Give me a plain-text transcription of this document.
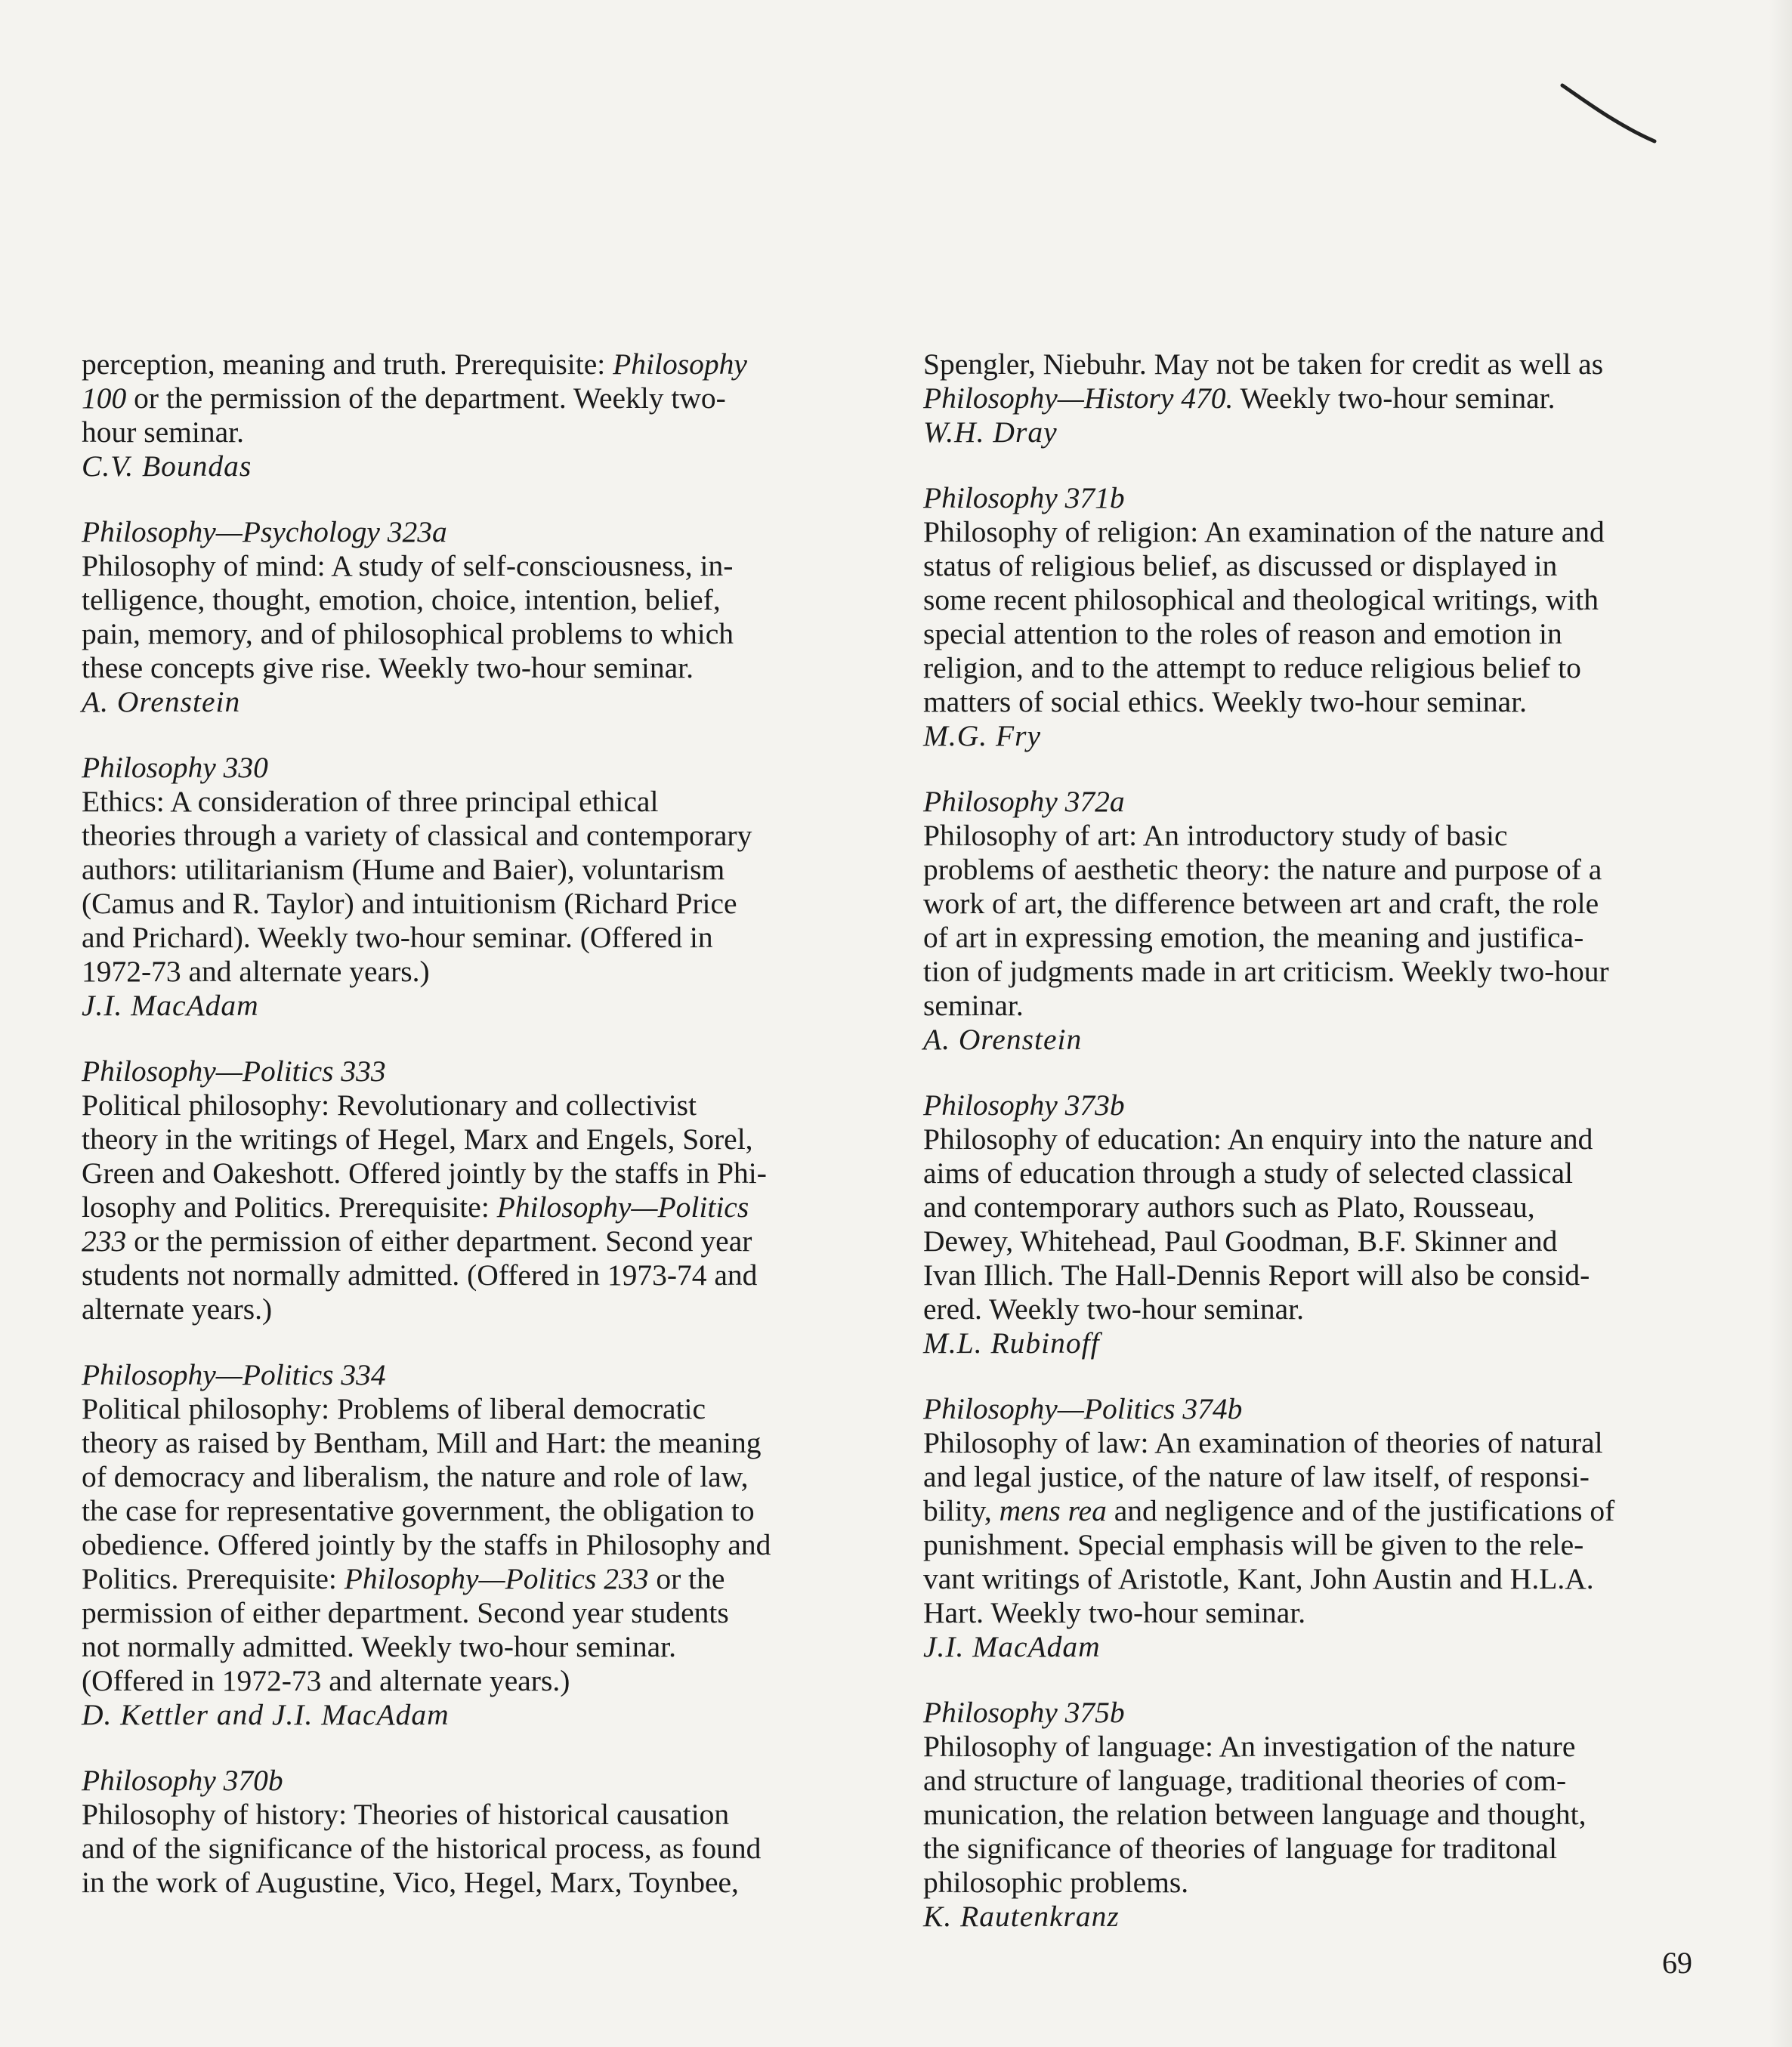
perception, meaning and truth. Prerequisite: Philosophy
100 or the permission of the department. Weekly two-
hour seminar.
C.V. Boundas
Philosophy—Psychology 323a
Philosophy of mind: A study of self-consciousness, in-
telligence, thought, emotion, choice, intention, belief,
pain, memory, and of philosophical problems to which
these concepts give rise. Weekly two-hour seminar.
A. Orenstein
Philosophy 330
Ethics: A consideration of three principal ethical
theories through a variety of classical and contemporary
authors: utilitarianism (Hume and Baier), voluntarism
(Camus and R. Taylor) and intuitionism (Richard Price
and Prichard). Weekly two-hour seminar. (Offered in
1972-73 and alternate years.)
J.I. MacAdam
Philosophy—Politics 333
Political philosophy: Revolutionary and collectivist
theory in the writings of Hegel, Marx and Engels, Sorel,
Green and Oakeshott. Offered jointly by the staffs in Phi-
losophy and Politics. Prerequisite: Philosophy—Politics
233 or the permission of either department. Second year
students not normally admitted. (Offered in 1973-74 and
alternate years.)
Philosophy—Politics 334
Political philosophy: Problems of liberal democratic
theory as raised by Bentham, Mill and Hart: the meaning
of democracy and liberalism, the nature and role of law,
the case for representative government, the obligation to
obedience. Offered jointly by the staffs in Philosophy and
Politics. Prerequisite: Philosophy—Politics 233 or the
permission of either department. Second year students
not normally admitted. Weekly two-hour seminar.
(Offered in 1972-73 and alternate years.)
D. Kettler and J.I. MacAdam
Philosophy 370b
Philosophy of history: Theories of historical causation
and of the significance of the historical process, as found
in the work of Augustine, Vico, Hegel, Marx, Toynbee,
Spengler, Niebuhr. May not be taken for credit as well as
Philosophy—History 470. Weekly two-hour seminar.
W.H. Dray
Philosophy 371b
Philosophy of religion: An examination of the nature and
status of religious belief, as discussed or displayed in
some recent philosophical and theological writings, with
special attention to the roles of reason and emotion in
religion, and to the attempt to reduce religious belief to
matters of social ethics. Weekly two-hour seminar.
M.G. Fry
Philosophy 372a
Philosophy of art: An introductory study of basic
problems of aesthetic theory: the nature and purpose of a
work of art, the difference between art and craft, the role
of art in expressing emotion, the meaning and justifica-
tion of judgments made in art criticism. Weekly two-hour
seminar.
A. Orenstein
Philosophy 373b
Philosophy of education: An enquiry into the nature and
aims of education through a study of selected classical
and contemporary authors such as Plato, Rousseau,
Dewey, Whitehead, Paul Goodman, B.F. Skinner and
Ivan Illich. The Hall-Dennis Report will also be consid-
ered. Weekly two-hour seminar.
M.L. Rubinoff
Philosophy—Politics 374b
Philosophy of law: An examination of theories of natural
and legal justice, of the nature of law itself, of responsi-
bility, mens rea and negligence and of the justifications of
punishment. Special emphasis will be given to the rele-
vant writings of Aristotle, Kant, John Austin and H.L.A.
Hart. Weekly two-hour seminar.
J.I. MacAdam
Philosophy 375b
Philosophy of language: An investigation of the nature
and structure of language, traditional theories of com-
munication, the relation between language and thought,
the significance of theories of language for traditonal
philosophic problems.
K. Rautenkranz
69
